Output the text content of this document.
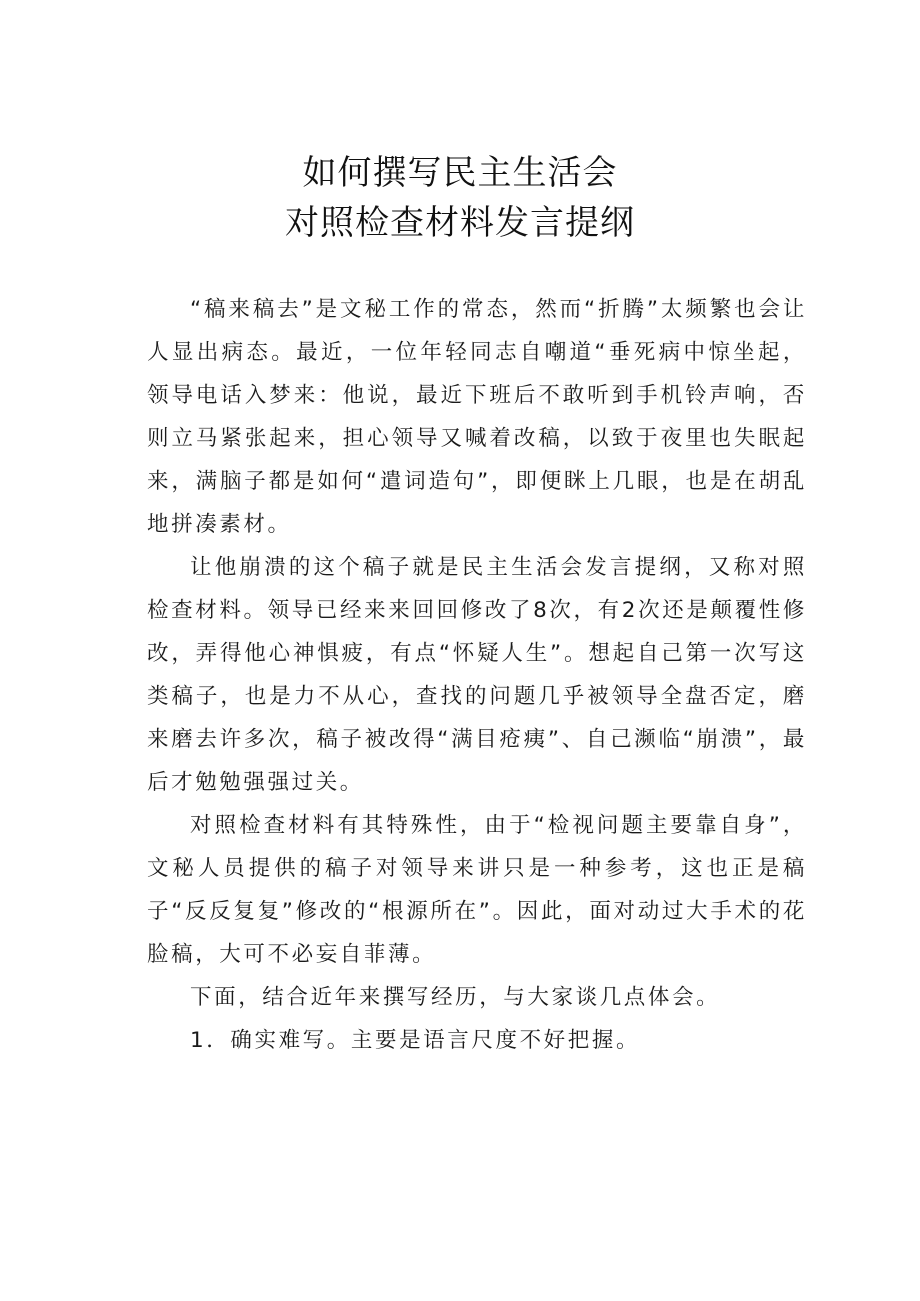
如何撰写民主生活会
对照检查材料发言提纲

“稿来稿去”是文秘工作的常态，然而“折腾”太频繁也会让人显出病态。最近，一位年轻同志自嘲道“垂死病中惊坐起，领导电话入梦来：他说，最近下班后不敢听到手机铃声响，否则立马紧张起来，担心领导又喊着改稿，以致于夜里也失眠起来，满脑子都是如何“遣词造句”，即便眯上几眼，也是在胡乱地拼凑素材。

让他崩溃的这个稿子就是民主生活会发言提纲，又称对照检查材料。领导已经来来回回修改了8次，有2次还是颠覆性修改，弄得他心神惧疲，有点“怀疑人生”。想起自己第一次写这类稿子，也是力不从心，查找的问题几乎被领导全盘否定，磨来磨去许多次，稿子被改得“满目疮痍”、自己濒临“崩溃”，最后才勉勉强强过关。

对照检查材料有其特殊性，由于“检视问题主要靠自身”，文秘人员提供的稿子对领导来讲只是一种参考，这也正是稿子“反反复复”修改的“根源所在”。因此，面对动过大手术的花脸稿，大可不必妄自菲薄。

下面，结合近年来撰写经历，与大家谈几点体会。

1．确实难写。主要是语言尺度不好把握。
